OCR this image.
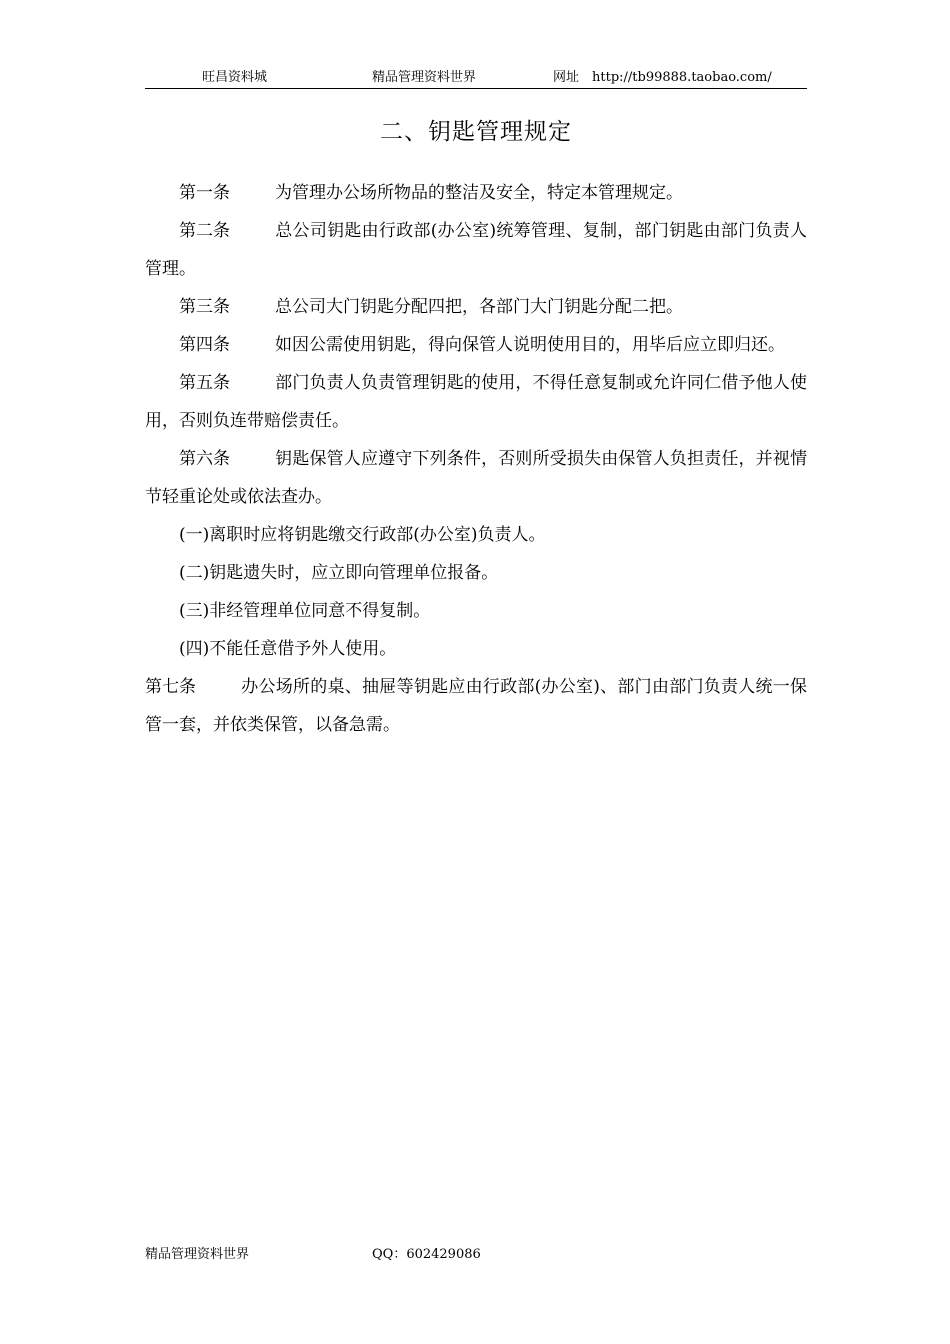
旺昌资料城	精品管理资料世界	网址　http://tb99888.taobao.com/
二、钥匙管理规定

第一条	为管理办公场所物品的整洁及安全，特定本管理规定。

第二条	总公司钥匙由行政部(办公室)统筹管理、复制，部门钥匙由部门负责人管理。

第三条	总公司大门钥匙分配四把，各部门大门钥匙分配二把。

第四条	如因公需使用钥匙，得向保管人说明使用目的，用毕后应立即归还。

第五条	部门负责人负责管理钥匙的使用，不得任意复制或允许同仁借予他人使用，否则负连带赔偿责任。

第六条	钥匙保管人应遵守下列条件，否则所受损失由保管人负担责任，并视情节轻重论处或依法查办。

(一)离职时应将钥匙缴交行政部(办公室)负责人。

(二)钥匙遗失时，应立即向管理单位报备。

(三)非经管理单位同意不得复制。

(四)不能任意借予外人使用。

第七条	办公场所的桌、抽屉等钥匙应由行政部(办公室)、部门由部门负责人统一保管一套，并依类保管，以备急需。

精品管理资料世界	QQ：602429086
